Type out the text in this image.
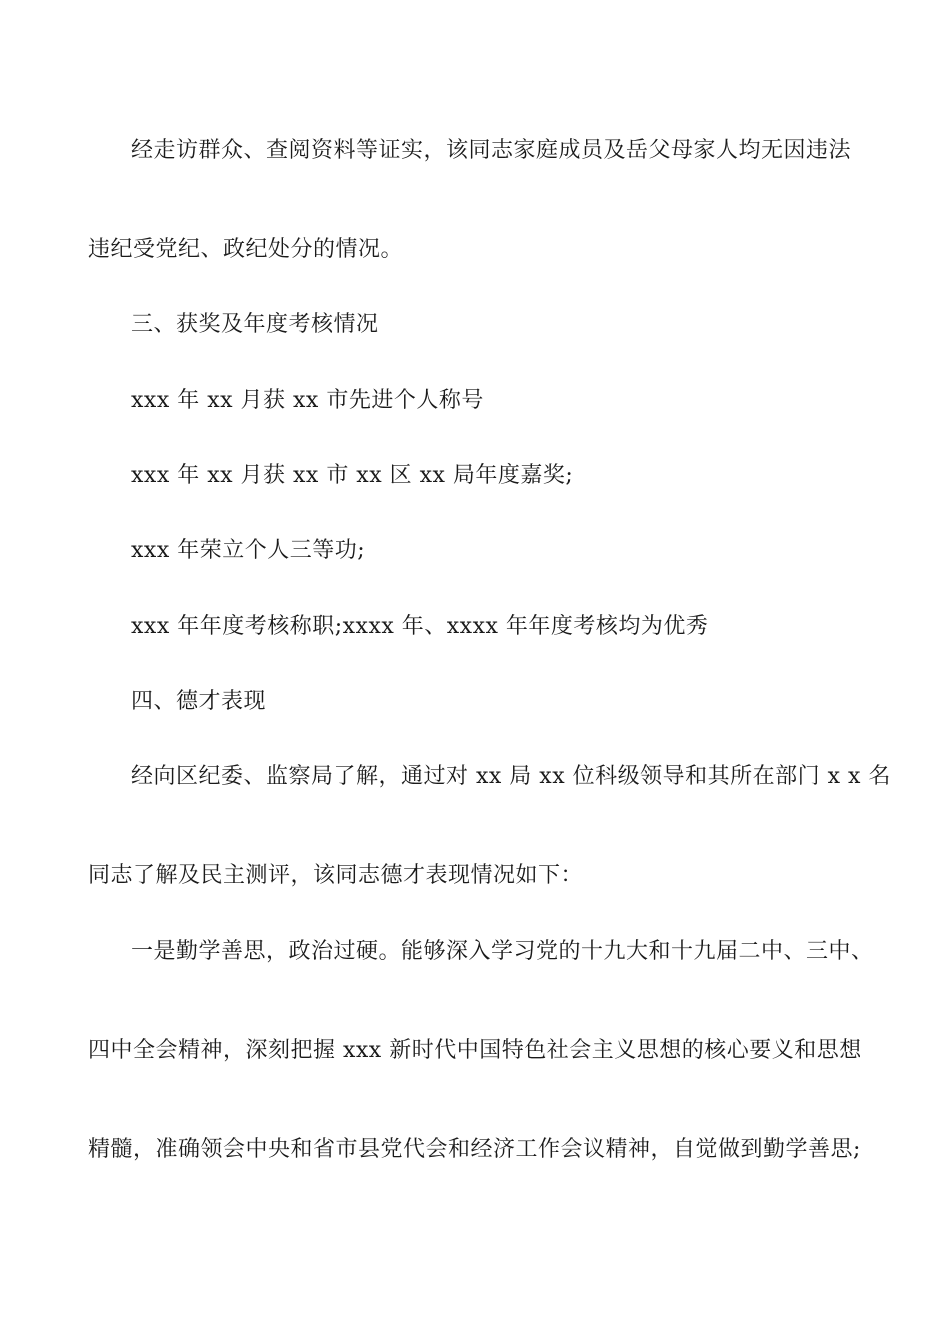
经走访群众、查阅资料等证实，该同志家庭成员及岳父母家人均无因违法
违纪受党纪、政纪处分的情况。
三、获奖及年度考核情况
xxx 年 xx 月获 xx 市先进个人称号
xxx 年 xx 月获 xx 市 xx 区 xx 局年度嘉奖;
xxx 年荣立个人三等功;
xxx 年年度考核称职;xxxx 年、xxxx 年年度考核均为优秀
四、德才表现
经向区纪委、监察局了解，通过对 xx 局 xx 位科级领导和其所在部门 x x 名
同志了解及民主测评，该同志德才表现情况如下：
一是勤学善思，政治过硬。能够深入学习党的十九大和十九届二中、三中、
四中全会精神，深刻把握 xxx 新时代中国特色社会主义思想的核心要义和思想
精髓，准确领会中央和省市县党代会和经济工作会议精神，自觉做到勤学善思;
